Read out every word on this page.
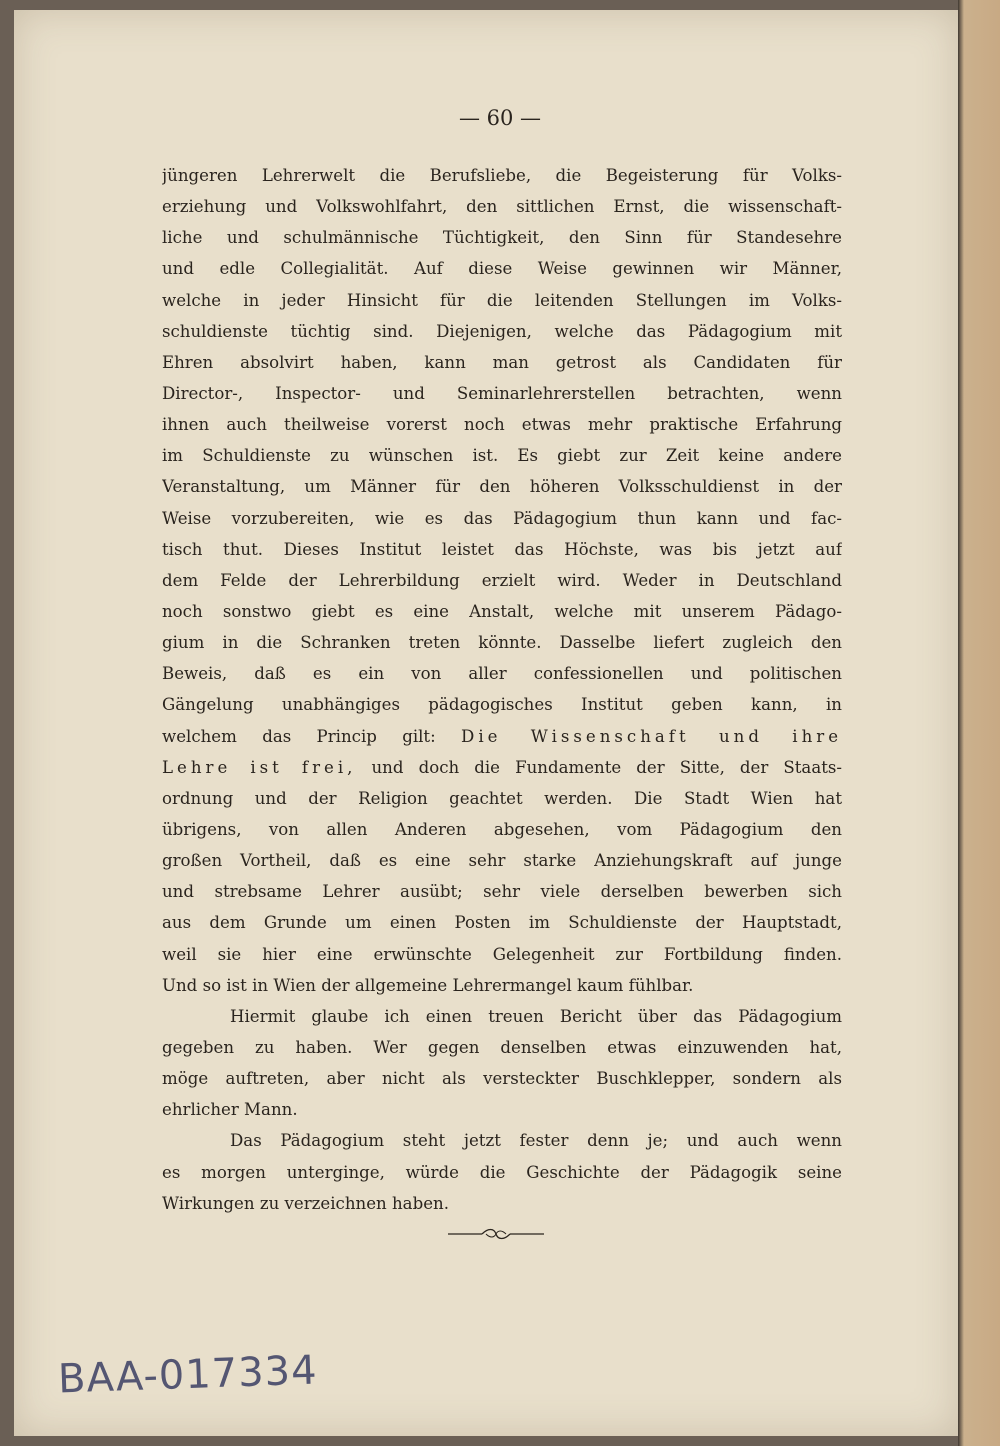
— 60 —
jüngeren Lehrerwelt die Berufsliebe, die Begeisterung für Volks-
erziehung und Volkswohlfahrt, den sittlichen Ernst, die wissenschaft-
liche und schulmännische Tüchtigkeit, den Sinn für Standesehre
und edle Collegialität. Auf diese Weise gewinnen wir Männer,
welche in jeder Hinsicht für die leitenden Stellungen im Volks-
schuldienste tüchtig sind. Diejenigen, welche das Pädagogium mit
Ehren absolvirt haben, kann man getrost als Candidaten für
Director-, Inspector- und Seminarlehrerstellen betrachten, wenn
ihnen auch theilweise vorerst noch etwas mehr praktische Erfahrung
im Schuldienste zu wünschen ist. Es giebt zur Zeit keine andere
Veranstaltung, um Männer für den höheren Volksschuldienst in der
Weise vorzubereiten, wie es das Pädagogium thun kann und fac-
tisch thut. Dieses Institut leistet das Höchste, was bis jetzt auf
dem Felde der Lehrerbildung erzielt wird. Weder in Deutschland
noch sonstwo giebt es eine Anstalt, welche mit unserem Pädago-
gium in die Schranken treten könnte. Dasselbe liefert zugleich den
Beweis, daß es ein von aller confessionellen und politischen
Gängelung unabhängiges pädagogisches Institut geben kann, in
welchem das Princip gilt: Die Wissenschaft und ihre
Lehre ist frei, und doch die Fundamente der Sitte, der Staats-
ordnung und der Religion geachtet werden. Die Stadt Wien hat
übrigens, von allen Anderen abgesehen, vom Pädagogium den
großen Vortheil, daß es eine sehr starke Anziehungskraft auf junge
und strebsame Lehrer ausübt; sehr viele derselben bewerben sich
aus dem Grunde um einen Posten im Schuldienste der Hauptstadt,
weil sie hier eine erwünschte Gelegenheit zur Fortbildung finden.
Und so ist in Wien der allgemeine Lehrermangel kaum fühlbar.
Hiermit glaube ich einen treuen Bericht über das Pädagogium
gegeben zu haben. Wer gegen denselben etwas einzuwenden hat,
möge auftreten, aber nicht als versteckter Buschklepper, sondern als
ehrlicher Mann.
Das Pädagogium steht jetzt fester denn je; und auch wenn
es morgen unterginge, würde die Geschichte der Pädagogik seine
Wirkungen zu verzeichnen haben.
BAA-017334
